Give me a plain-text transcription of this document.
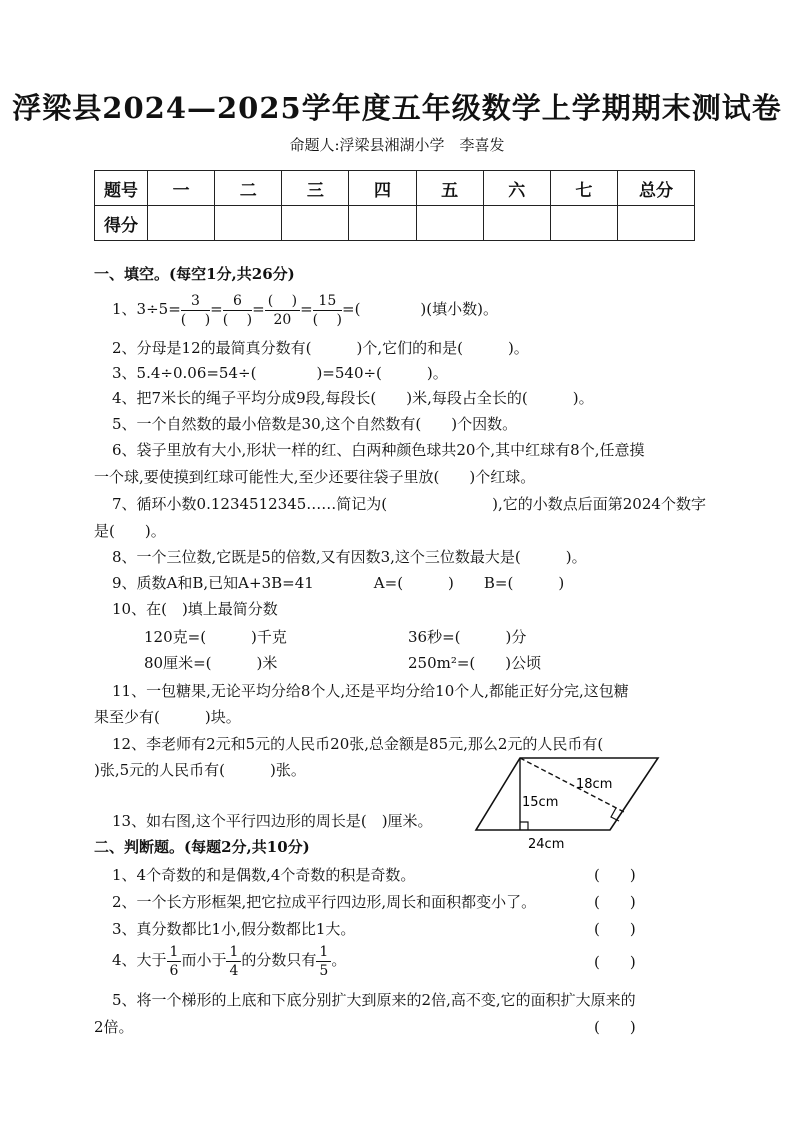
浮梁县2024—2025学年度五年级数学上学期期末测试卷
命题人:浮梁县湘湖小学　李喜发
题号	一	二	三	四	五	六	七	总分
得分								
一、填空。(每空1分,共26分)
1、$3\div 5= \frac{3}{( )} = \frac{6}{( )} = \frac{( )}{20} = \frac{15}{( )}$ =(　　　　)(填小数)。
2、分母是12的最简真分数有(　　　)个,它们的和是(　　　)。
3、5.4÷0.06=54÷(　　　　)=540÷(　　　)。
4、把7米长的绳子平均分成9段,每段长(　　)米,每段占全长的(　　　)。
5、一个自然数的最小倍数是30,这个自然数有(　　)个因数。
6、袋子里放有大小,形状一样的红、白两种颜色球共20个,其中红球有8个,任意摸
一个球,要使摸到红球可能性大,至少还要往袋子里放(　　)个红球。
7、循环小数0.1234512345……简记为(　　　　　　　),它的小数点后面第2024个数字
是(　　)。
8、一个三位数,它既是5的倍数,又有因数3,这个三位数最大是(　　　)。
9、质数A和B,已知A+3B=41　　　　A=(　　　)　　B=(　　　)
10、在(　)填上最简分数
120克=(　　　)千克	36秒=(　　　)分
80厘米=(　　　)米	250m²=(　　)公顷
11、一包糖果,无论平均分给8个人,还是平均分给10个人,都能正好分完,这包糖
果至少有(　　　)块。
12、李老师有2元和5元的人民币20张,总金额是85元,那么2元的人民币有(
)张,5元的人民币有(　　　)张。
13、如右图,这个平行四边形的周长是(　)厘米。
18cm
15cm
24cm
二、判断题。(每题2分,共10分)
1、4个奇数的和是偶数,4个奇数的积是奇数。	(　　)
2、一个长方形框架,把它拉成平行四边形,周长和面积都变小了。	(　　)
3、真分数都比1小,假分数都比1大。	(　　)
4、大于 $\frac{1}{6}$ 而小于 $\frac{1}{4}$ 的分数只有 $\frac{1}{5}$ 。	(　　)
5、将一个梯形的上底和下底分别扩大到原来的2倍,高不变,它的面积扩大原来的
2倍。	(　　)
